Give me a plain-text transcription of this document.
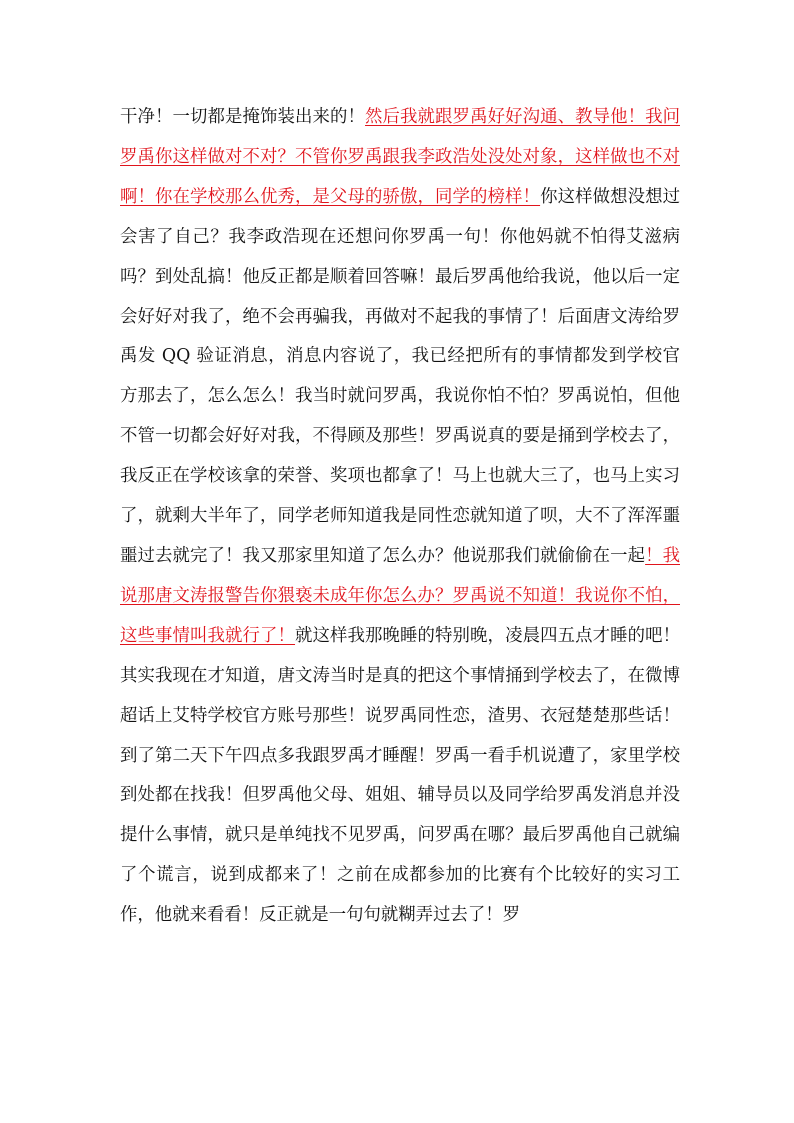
干净！一切都是掩饰装出来的！然后我就跟罗禹好好沟通、教导他！我问罗禹你这样做对不对？不管你罗禹跟我李政浩处没处对象，这样做也不对啊！你在学校那么优秀，是父母的骄傲，同学的榜样！你这样做想没想过会害了自己？我李政浩现在还想问你罗禹一句！你他妈就不怕得艾滋病吗？到处乱搞！他反正都是顺着回答嘛！最后罗禹他给我说，他以后一定会好好对我了，绝不会再骗我，再做对不起我的事情了！后面唐文涛给罗禹发 QQ 验证消息，消息内容说了，我已经把所有的事情都发到学校官方那去了，怎么怎么！我当时就问罗禹，我说你怕不怕？罗禹说怕，但他不管一切都会好好对我，不得顾及那些！罗禹说真的要是捅到学校去了，我反正在学校该拿的荣誉、奖项也都拿了！马上也就大三了，也马上实习了，就剩大半年了，同学老师知道我是同性恋就知道了呗，大不了浑浑噩噩过去就完了！我又那家里知道了怎么办？他说那我们就偷偷在一起！我说那唐文涛报警告你猥亵未成年你怎么办？罗禹说不知道！我说你不怕，这些事情叫我就行了！就这样我那晚睡的特别晚，凌晨四五点才睡的吧！其实我现在才知道，唐文涛当时是真的把这个事情捅到学校去了，在微博超话上艾特学校官方账号那些！说罗禹同性恋，渣男、衣冠楚楚那些话！到了第二天下午四点多我跟罗禹才睡醒！罗禹一看手机说遭了，家里学校到处都在找我！但罗禹他父母、姐姐、辅导员以及同学给罗禹发消息并没提什么事情，就只是单纯找不见罗禹，问罗禹在哪？最后罗禹他自己就编了个谎言，说到成都来了！之前在成都参加的比赛有个比较好的实习工作，他就来看看！反正就是一句句就糊弄过去了！罗
